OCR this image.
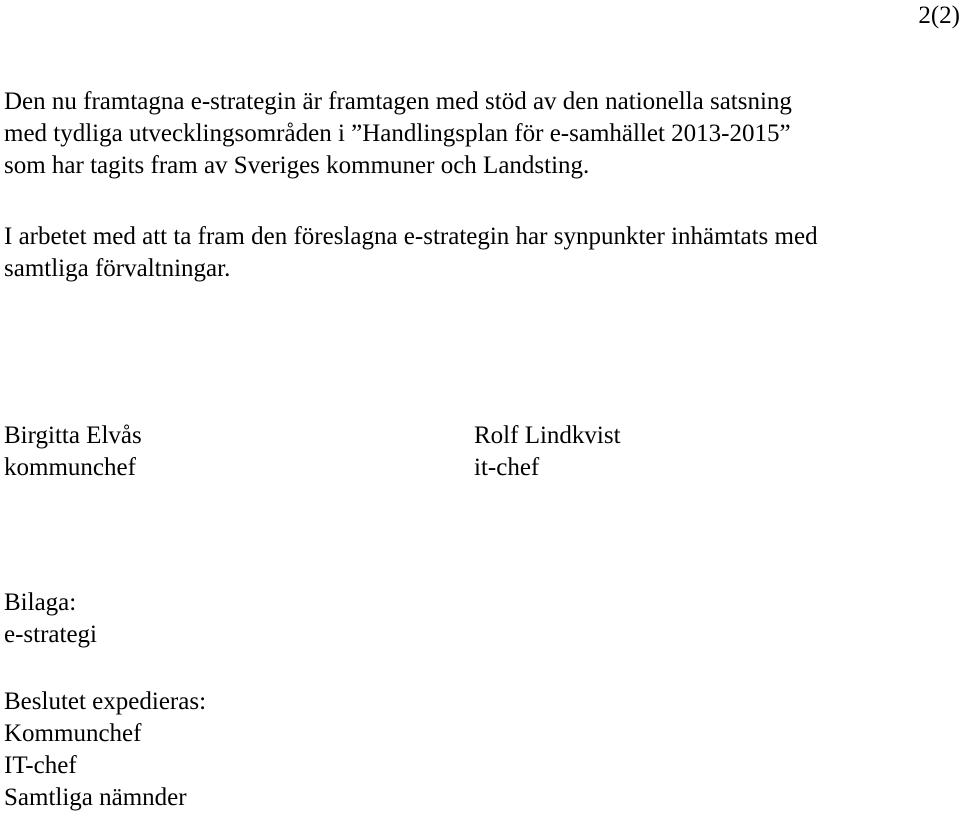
2(2)
Den nu framtagna e-strategin är framtagen med stöd av den nationella satsning
med tydliga utvecklingsområden i ”Handlingsplan för e-samhället 2013-2015”
som har tagits fram av Sveriges kommuner och Landsting.
I arbetet med att ta fram den föreslagna e-strategin har synpunkter inhämtats med
samtliga förvaltningar.
Birgitta Elvås
kommunchef
Rolf Lindkvist
it-chef
Bilaga:
e-strategi
Beslutet expedieras:
Kommunchef
IT-chef
Samtliga nämnder
